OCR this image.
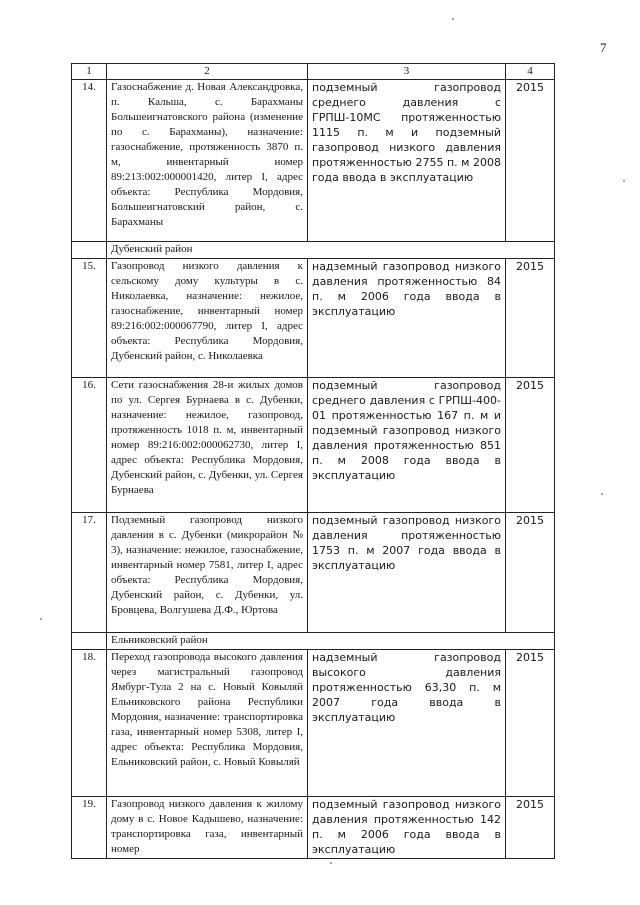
7
1	2	3	4
14.	Газоснабжение д. Новая Александровка, п. Кальша, с. Барахманы Большеигнатовского района (изменение по с. Барахманы), назначение: газоснабжение, протяженность 3870 п. м, инвентарный номер 89:213:002:000001420, литер I, адрес объекта: Республика Мордовия, Большеигнатовский район, с. Барахманы	подземный газопровод среднего давления с ГРПШ-10МС протяженностью 1115 п. м и подземный газопровод низкого давления протяженностью 2755 п. м 2008 года ввода в эксплуатацию	2015
	Дубенский район		
15.	Газопровод низкого давления к сельскому дому культуры в с. Николаевка, назначение: нежилое, газоснабжение, инвентарный номер 89:216:002:000067790, литер I, адрес объекта: Республика Мордовия, Дубенский район, с. Николаевка	надземный газопровод низкого давления протяженностью 84 п. м 2006 года ввода в эксплуатацию	2015
16.	Сети газоснабжения 28-и жилых домов по ул. Сергея Бурнаева в с. Дубенки, назначение: нежилое, газопровод, протяженность 1018 п. м, инвентарный номер 89:216:002:000062730, литер I, адрес объекта: Республика Мордовия, Дубенский район, с. Дубенки, ул. Сергея Бурнаева	подземный газопровод среднего давления с ГРПШ-400-01 протяженностью 167 п. м и подземный газопровод низкого давления протяженностью 851 п. м 2008 года ввода в эксплуатацию	2015
17.	Подземный газопровод низкого давления в с. Дубенки (микрорайон № 3), назначение: нежилое, газоснабжение, инвентарный номер 7581, литер I, адрес объекта: Республика Мордовия, Дубенский район, с. Дубенки, ул. Бровцева, Волгушева Д.Ф., Юртова	подземный газопровод низкого давления протяженностью 1753 п. м 2007 года ввода в эксплуатацию	2015
	Ельниковский район		
18.	Переход газопровода высокого давления через магистральный газопровод Ямбург-Тула 2 на с. Новый Ковыляй Ельниковского района Республики Мордовия, назначение: транспортировка газа, инвентарный номер 5308, литер I, адрес объекта: Республика Мордовия, Ельниковский район, с. Новый Ковыляй	надземный газопровод высокого давления протяженностью 63,30 п. м 2007 года ввода в эксплуатацию	2015
19.	Газопровод низкого давления к жилому дому в с. Новое Кадышево, назначение: транспортировка газа, инвентарный номер	подземный газопровод низкого давления протяженностью 142 п. м 2006 года ввода в эксплуатацию	2015
